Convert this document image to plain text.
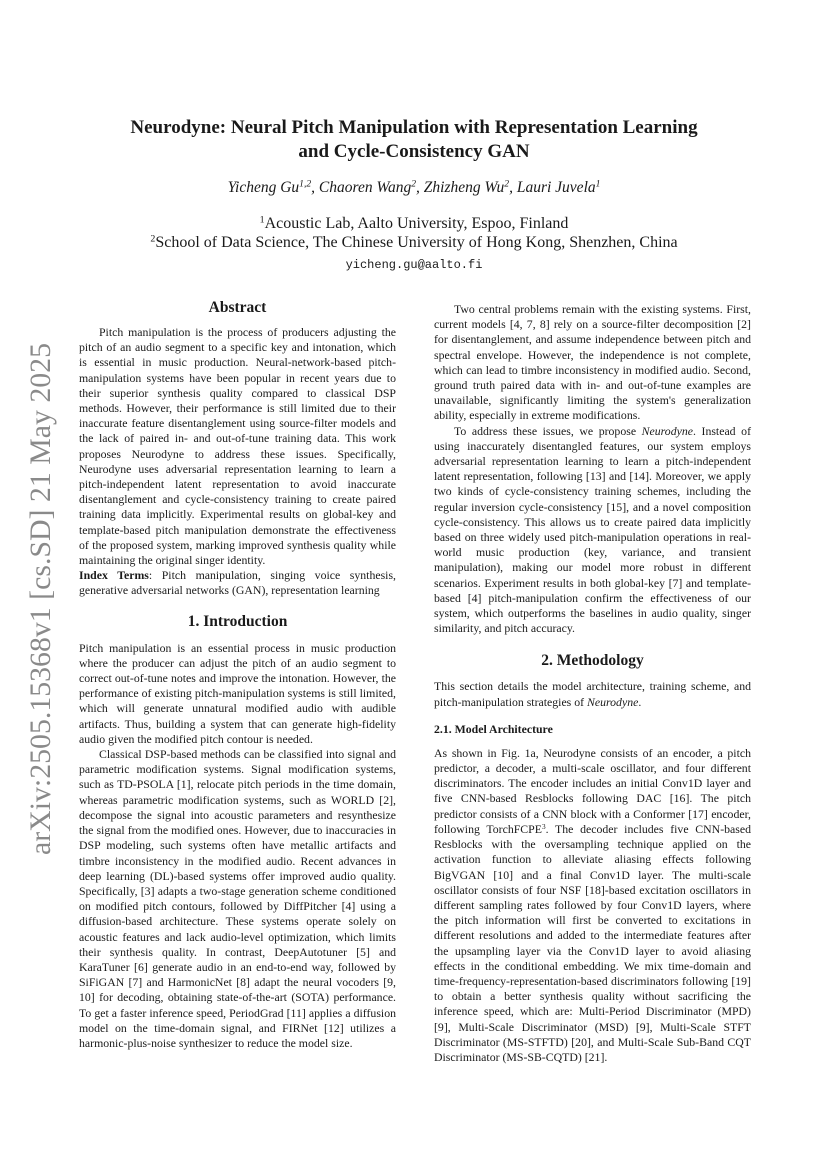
arXiv:2505.15368v1 [cs.SD] 21 May 2025
Neurodyne: Neural Pitch Manipulation with Representation Learning
and Cycle-Consistency GAN
Yicheng Gu$^{1,2}$, Chaoren Wang$^2$, Zhizheng Wu$^2$, Lauri Juvela$^1$
$^1$Acoustic Lab, Aalto University, Espoo, Finland
$^2$School of Data Science, The Chinese University of Hong Kong, Shenzhen, China
yicheng.gu@aalto.fi
Abstract

Pitch manipulation is the process of producers adjusting the pitch of an audio segment to a specific key and intonation, which is essential in music production. Neural-network-based pitch-manipulation systems have been popular in recent years due to their superior synthesis quality compared to classical DSP methods. However, their performance is still limited due to their inaccurate feature disentanglement using source-filter models and the lack of paired in- and out-of-tune training data. This work proposes Neurodyne to address these issues. Specifically, Neurodyne uses adversarial representation learning to learn a pitch-independent latent representation to avoid inaccurate disentanglement and cycle-consistency training to create paired training data implicitly. Experimental results on global-key and template-based pitch manipulation demonstrate the effectiveness of the proposed system, marking improved synthesis quality while maintaining the original singer identity.

Index Terms: Pitch manipulation, singing voice synthesis, generative adversarial networks (GAN), representation learning

1. Introduction

Pitch manipulation is an essential process in music production where the producer can adjust the pitch of an audio segment to correct out-of-tune notes and improve the intonation. However, the performance of existing pitch-manipulation systems is still limited, which will generate unnatural modified audio with audible artifacts. Thus, building a system that can generate high-fidelity audio given the modified pitch contour is needed.

Classical DSP-based methods can be classified into signal and parametric modification systems. Signal modification systems, such as TD-PSOLA [1], relocate pitch periods in the time domain, whereas parametric modification systems, such as WORLD [2], decompose the signal into acoustic parameters and resynthesize the signal from the modified ones. However, due to inaccuracies in DSP modeling, such systems often have metallic artifacts and timbre inconsistency in the modified audio. Recent advances in deep learning (DL)-based systems offer improved audio quality. Specifically, [3] adapts a two-stage generation scheme conditioned on modified pitch contours, followed by DiffPitcher [4] using a diffusion-based architecture. These systems operate solely on acoustic features and lack audio-level optimization, which limits their synthesis quality. In contrast, DeepAutotuner [5] and KaraTuner [6] generate audio in an end-to-end way, followed by SiFiGAN [7] and HarmonicNet [8] adapt the neural vocoders [9, 10] for decoding, obtaining state-of-the-art (SOTA) performance. To get a faster inference speed, PeriodGrad [11] applies a diffusion model on the time-domain signal, and FIRNet [12] utilizes a harmonic-plus-noise synthesizer to reduce the model size.

Two central problems remain with the existing systems. First, current models [4, 7, 8] rely on a source-filter decomposition [2] for disentanglement, and assume independence between pitch and spectral envelope. However, the independence is not complete, which can lead to timbre inconsistency in modified audio. Second, ground truth paired data with in- and out-of-tune examples are unavailable, significantly limiting the system's generalization ability, especially in extreme modifications.

To address these issues, we propose Neurodyne. Instead of using inaccurately disentangled features, our system employs adversarial representation learning to learn a pitch-independent latent representation, following [13] and [14]. Moreover, we apply two kinds of cycle-consistency training schemes, including the regular inversion cycle-consistency [15], and a novel composition cycle-consistency. This allows us to create paired data implicitly based on three widely used pitch-manipulation operations in real-world music production (key, variance, and transient manipulation), making our model more robust in different scenarios. Experiment results in both global-key [7] and template-based [4] pitch-manipulation confirm the effectiveness of our system, which outperforms the baselines in audio quality, singer similarity, and pitch accuracy.

2. Methodology

This section details the model architecture, training scheme, and pitch-manipulation strategies of Neurodyne.

2.1. Model Architecture

As shown in Fig. 1a, Neurodyne consists of an encoder, a pitch predictor, a decoder, a multi-scale oscillator, and four different discriminators. The encoder includes an initial Conv1D layer and five CNN-based Resblocks following DAC [16]. The pitch predictor consists of a CNN block with a Conformer [17] encoder, following TorchFCPE$^3$. The decoder includes five CNN-based Resblocks with the oversampling technique applied on the activation function to alleviate aliasing effects following BigVGAN [10] and a final Conv1D layer. The multi-scale oscillator consists of four NSF [18]-based excitation oscillators in different sampling rates followed by four Conv1D layers, where the pitch information will first be converted to excitations in different resolutions and added to the intermediate features after the upsampling layer via the Conv1D layer to avoid aliasing effects in the conditional embedding. We mix time-domain and time-frequency-representation-based discriminators following [19] to obtain a better synthesis quality without sacrificing the inference speed, which are: Multi-Period Discriminator (MPD) [9], Multi-Scale Discriminator (MSD) [9], Multi-Scale STFT Discriminator (MS-STFTD) [20], and Multi-Scale Sub-Band CQT Discriminator (MS-SB-CQTD) [21].
